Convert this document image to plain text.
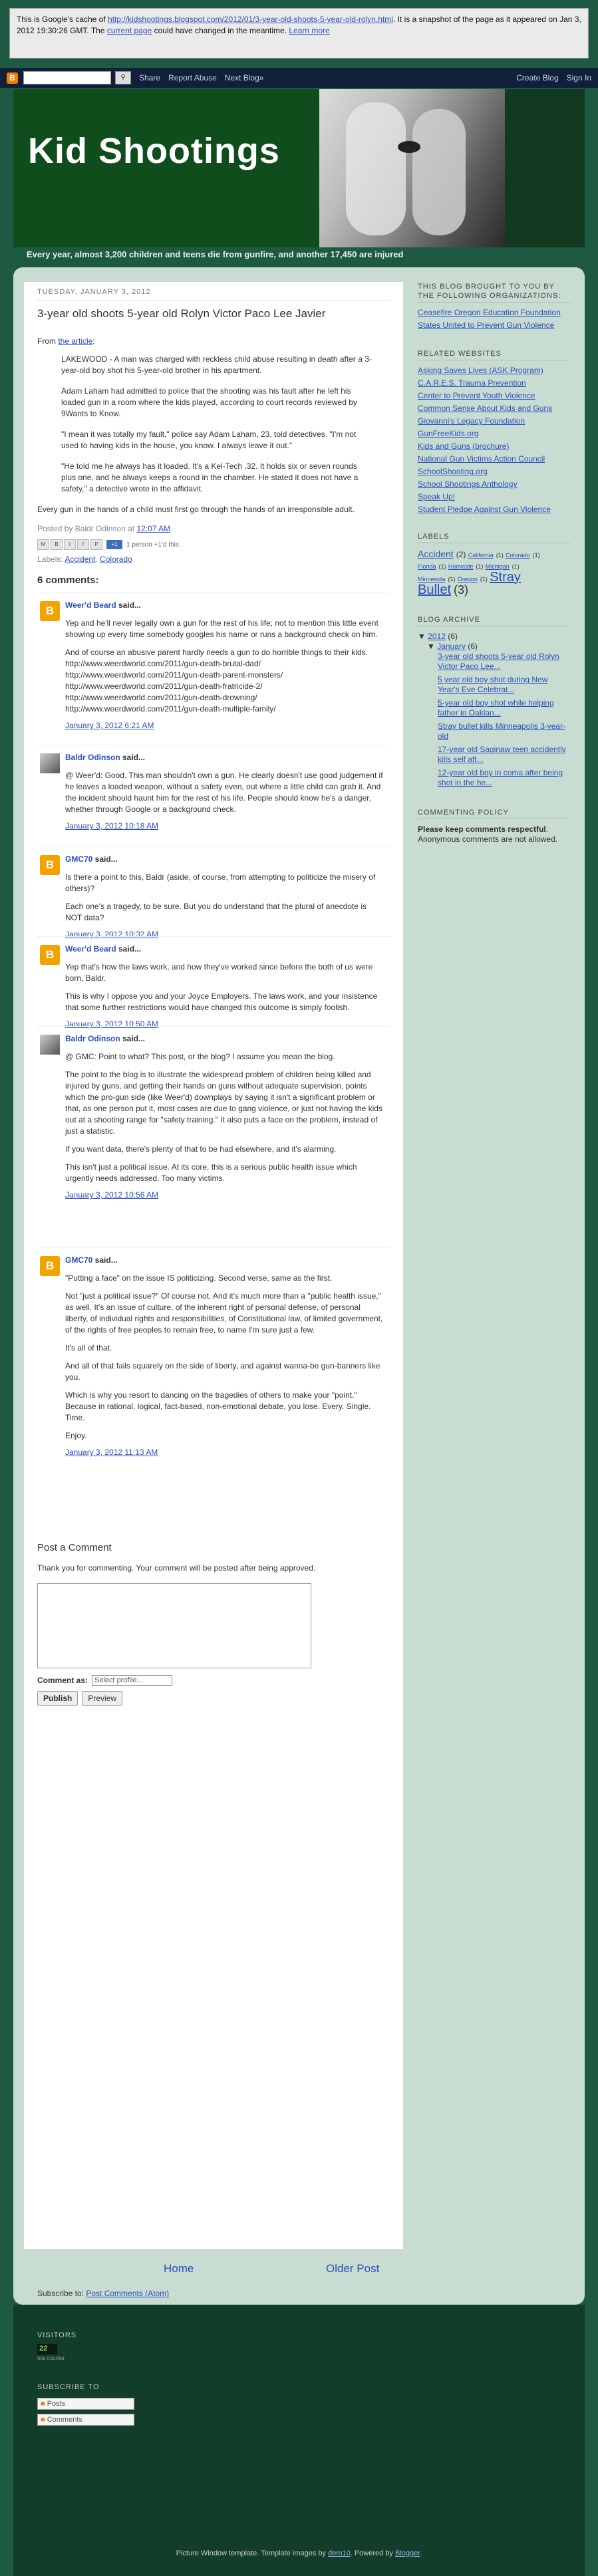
This is Google's cache of http://kidshootings.blogspot.com/2012/01/3-year-old-shoots-5-year-old-rolyn.html. It is a snapshot of the page as it appeared on Jan 3, 2012 19:30:26 GMT. The current page could have changed in the meantime. Learn more
B	⚲	Share Report Abuse Next Blog»	Create Blog Sign In
Kid Shootings
Every year, almost 3,200 children and teens die from gunfire, and another 17,450 are injured
TUESDAY, JANUARY 3, 2012
3-year old shoots 5-year old Rolyn Victor Paco Lee Javier
From the article:

LAKEWOOD - A man was charged with reckless child abuse resulting in death after a 3-year-old boy shot his 5-year-old brother in his apartment.

Adam Laham had admitted to police that the shooting was his fault after he left his loaded gun in a room where the kids played, according to court records reviewed by 9Wants to Know.

"I mean it was totally my fault," police say Adam Laham, 23, told detectives. "I'm not used to having kids in the house, you know. I always leave it out."

"He told me he always has it loaded. It's a Kel-Tech .32. It holds six or seven rounds plus one, and he always keeps a round in the chamber. He stated it does not have a safety," a detective wrote in the affidavit.

Every gun in the hands of a child must first go through the hands of an irresponsible adult.
Posted by Baldr Odinson at 12:07 AM
M	B	t	f	P	+1	1 person +1'd this
Labels: Accident, Colorado
6 comments:
B	Weer'd Beard said...

Yep and he'll never legally own a gun for the rest of his life; not to mention this little event showing up every time somebody googles his name or runs a background check on him.

And of course an abusive parent hardly needs a gun to do horrible things to their kids.
http://www.weerdworld.com/2011/gun-death-brutal-dad/
http://www.weerdworld.com/2011/gun-death-parent-monsters/
http://www.weerdworld.com/2011/gun-death-fratricide-2/
http://www.weerdworld.com/2011/gun-death-drowning/
http://www.weerdworld.com/2011/gun-death-multiple-family/

January 3, 2012 6:21 AM
Baldr Odinson said...

@ Weer'd: Good. This man shouldn't own a gun. He clearly doesn't use good judgement if he leaves a loaded weapon, without a safety even, out where a little child can grab it. And the incident should haunt him for the rest of his life. People should know he's a danger, whether through Google or a background check.

January 3, 2012 10:18 AM
B	GMC70 said...

Is there a point to this, Baldr (aside, of course, from attempting to politicize the misery of others)?

Each one's a tragedy, to be sure. But you do understand that the plural of anecdote is NOT data?

January 3, 2012 10:32 AM
B	Weer'd Beard said...

Yep that's how the laws work, and how they've worked since before the both of us were born, Baldr.

This is why I oppose you and your Joyce Employers. The laws work, and your insistence that some further restrictions would have changed this outcome is simply foolish.

January 3, 2012 10:50 AM
Baldr Odinson said...

@ GMC: Point to what? This post, or the blog? I assume you mean the blog.

The point to the blog is to illustrate the widespread problem of children being killed and injured by guns, and getting their hands on guns without adequate supervision, points which the pro-gun side (like Weer'd) downplays by saying it isn't a significant problem or that, as one person put it, most cases are due to gang violence, or just not having the kids out at a shooting range for "safety training." It also puts a face on the problem, instead of just a statistic.

If you want data, there's plenty of that to be had elsewhere, and it's alarming.

This isn't just a political issue. At its core, this is a serious public health issue which urgently needs addressed. Too many victims.

January 3, 2012 10:56 AM
B	GMC70 said...

"Putting a face" on the issue IS politicizing. Second verse, same as the first.

Not "just a political issue?" Of course not. And it's much more than a "public health issue," as well. It's an issue of culture, of the inherent right of personal defense, of personal liberty, of individual rights and responsibilities, of Constitutional law, of limited government, of the rights of free peoples to remain free, to name I'm sure just a few.

It's all of that.

And all of that fails squarely on the side of liberty, and against wanna-be gun-banners like you.

Which is why you resort to dancing on the tragedies of others to make your "point." Because in rational, logical, fact-based, non-emotional debate, you lose. Every. Single. Time.

Enjoy.

January 3, 2012 11:13 AM
Post a Comment
Thank you for commenting. Your comment will be posted after being approved.
Comment as: Select profile...
Publish	Preview
Home	Older Post
Subscribe to: Post Comments (Atom)
THIS BLOG BROUGHT TO YOU BY THE FOLLOWING ORGANIZATIONS:
Ceasefire Oregon Education Foundation
States United to Prevent Gun Violence
RELATED WEBSITES
Asking Saves Lives (ASK Program)
C.A.R.E.S. Trauma Prevention
Center to Prevent Youth Violence
Common Sense About Kids and Guns
Giovanni's Legacy Foundation
GunFreeKids.org
Kids and Guns (brochure)
National Gun Victims Action Council
SchoolShooting.org
School Shootings Anthology
Speak Up!
Student Pledge Against Gun Violence
LABELS
Accident (2) California (1) Colorado (1)
Florida (1) Homicide (1) Michigan (1)
Minnesota (1) Oregon (1) Stray Bullet (3)
BLOG ARCHIVE
▼ 2012 (6)
▼ January (6)
3-year old shoots 5-year old Rolyn Victor Paco Lee...
5 year old boy shot during New Year's Eve Celebrat...
5-year old boy shot while helping father in Oaklan...
Stray bullet kills Minneapolis 3-year-old
17-year old Saginaw teen accidently kills self aft...
12-year old boy in coma after being shot in the he...
COMMENTING POLICY
Please keep comments respectful. Anonymous comments are not allowed.
VISITORS
22
hits counter
SUBSCRIBE TO
■ Posts
■ Comments
Picture Window template. Template images by dem10. Powered by Blogger.
